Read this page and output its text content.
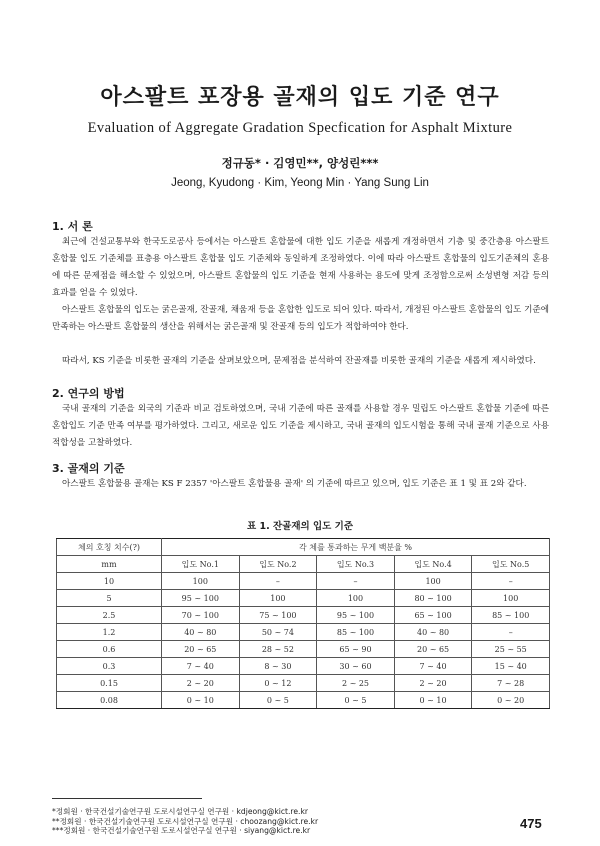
아스팔트 포장용 골재의 입도 기준 연구
Evaluation of Aggregate Gradation Specfication for Asphalt Mixture
정규동* · 김영민**, 양성린***
Jeong, Kyudong · Kim, Yeong Min · Yang Sung Lin
1. 서 론

최근에 건설교통부와 한국도로공사 등에서는 아스팔트 혼합물에 대한 입도 기준을 새롭게 개정하면서 기층 및 중간층용 아스팔트 혼합물 입도 기준체를 표층용 아스팔트 혼합물 입도 기준체와 동일하게 조정하였다. 이에 따라 아스팔트 혼합물의 입도기준체의 혼용에 따른 문제점을 해소할 수 있었으며, 아스팔트 혼합물의 입도 기준을 현재 사용하는 용도에 맞게 조정함으로써 소성변형 저감 등의 효과를 얻을 수 있었다.

아스팔트 혼합물의 입도는 굵은골재, 잔골재, 채움재 등을 혼합한 입도로 되어 있다. 따라서, 개정된 아스팔트 혼합물의 입도 기준에 만족하는 아스팔트 혼합물의 생산을 위해서는 굵은골재 및 잔골재 등의 입도가 적합하여야 한다.

따라서, KS 기준을 비롯한 골재의 기준을 살펴보았으며, 문제점을 분석하여 잔골재를 비롯한 골재의 기준을 새롭게 제시하였다.

2. 연구의 방법

국내 골재의 기준을 외국의 기준과 비교 검토하였으며, 국내 기준에 따른 골재를 사용할 경우 밀립도 아스팔트 혼합물 기준에 따른 혼합입도 기준 만족 여부를 평가하였다. 그리고, 새로운 입도 기준을 제시하고, 국내 골재의 입도시험을 통해 국내 골재 기준으로 사용 적합성을 고찰하였다.

3. 골재의 기준

아스팔트 혼합물용 골재는 KS F 2357 '아스팔트 혼합물용 골재' 의 기준에 따르고 있으며, 입도 기준은 표 1 및 표 2와 같다.

표 1. 잔골재의 입도 기준
체의 호칭 치수(?)	각 체를 통과하는 무게 백분율 %				
mm	입도 No.1	입도 No.2	입도 No.3	입도 No.4	입도 No.5
10	100	–	–	100	–
5	95 ~ 100	100	100	80 ~ 100	100
2.5	70 ~ 100	75 ~ 100	95 ~ 100	65 ~ 100	85 ~ 100
1.2	40 ~ 80	50 ~ 74	85 ~ 100	40 ~ 80	–
0.6	20 ~ 65	28 ~ 52	65 ~ 90	20 ~ 65	25 ~ 55
0.3	7 ~ 40	8 ~ 30	30 ~ 60	7 ~ 40	15 ~ 40
0.15	2 ~ 20	0 ~ 12	2 ~ 25	2 ~ 20	7 ~ 28
0.08	0 ~ 10	0 ~ 5	0 ~ 5	0 ~ 10	0 ~ 20
*정회원 · 한국건설기술연구원 도로시설연구실 연구원 · kdjeong@kict.re.kr
**정회원 · 한국건설기술연구원 도로시설연구실 연구원 · choozang@kict.re.kr
***정회원 · 한국건설기술연구원 도로시설연구실 연구원 · siyang@kict.re.kr	475
